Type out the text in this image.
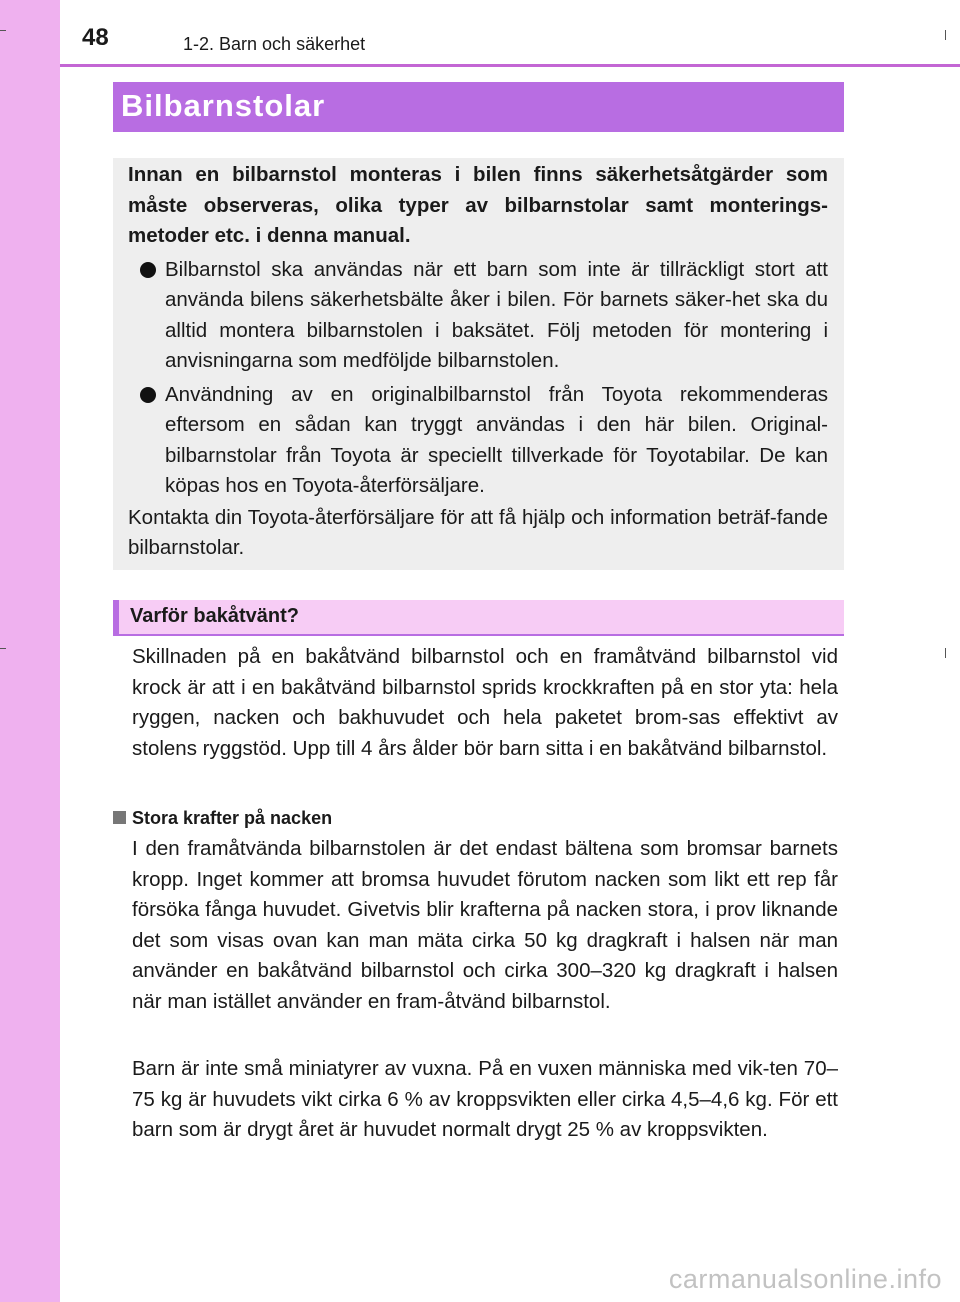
48	1-2. Barn och säkerhet
Bilbarnstolar

Innan en bilbarnstol monteras i bilen finns säkerhetsåtgärder som måste observeras, olika typer av bilbarnstolar samt monterings-metoder etc. i denna manual.

Bilbarnstol ska användas när ett barn som inte är tillräckligt stort att använda bilens säkerhetsbälte åker i bilen. För barnets säker-het ska du alltid montera bilbarnstolen i baksätet. Följ metoden för montering i anvisningarna som medföljde bilbarnstolen.
Användning av en originalbilbarnstol från Toyota rekommenderas eftersom en sådan kan tryggt användas i den här bilen. Original-bilbarnstolar från Toyota är speciellt tillverkade för Toyotabilar. De kan köpas hos en Toyota-återförsäljare.
Kontakta din Toyota-återförsäljare för att få hjälp och information beträf-fande bilbarnstolar.
Varför bakåtvänt?

Skillnaden på en bakåtvänd bilbarnstol och en framåtvänd bilbarnstol vid krock är att i en bakåtvänd bilbarnstol sprids krockkraften på en stor yta: hela ryggen, nacken och bakhuvudet och hela paketet brom-sas effektivt av stolens ryggstöd. Upp till 4 års ålder bör barn sitta i en bakåtvänd bilbarnstol.

Stora krafter på nacken

I den framåtvända bilbarnstolen är det endast bältena som bromsar barnets kropp. Inget kommer att bromsa huvudet förutom nacken som likt ett rep får försöka fånga huvudet. Givetvis blir krafterna på nacken stora, i prov liknande det som visas ovan kan man mäta cirka 50 kg dragkraft i halsen när man använder en bakåtvänd bilbarnstol och cirka 300–320 kg dragkraft i halsen när man istället använder en fram-åtvänd bilbarnstol.

Barn är inte små miniatyrer av vuxna. På en vuxen människa med vik-ten 70–75 kg är huvudets vikt cirka 6 % av kroppsvikten eller cirka 4,5–4,6 kg. För ett barn som är drygt året är huvudet normalt drygt 25 % av kroppsvikten.

carmanualsonline.info
